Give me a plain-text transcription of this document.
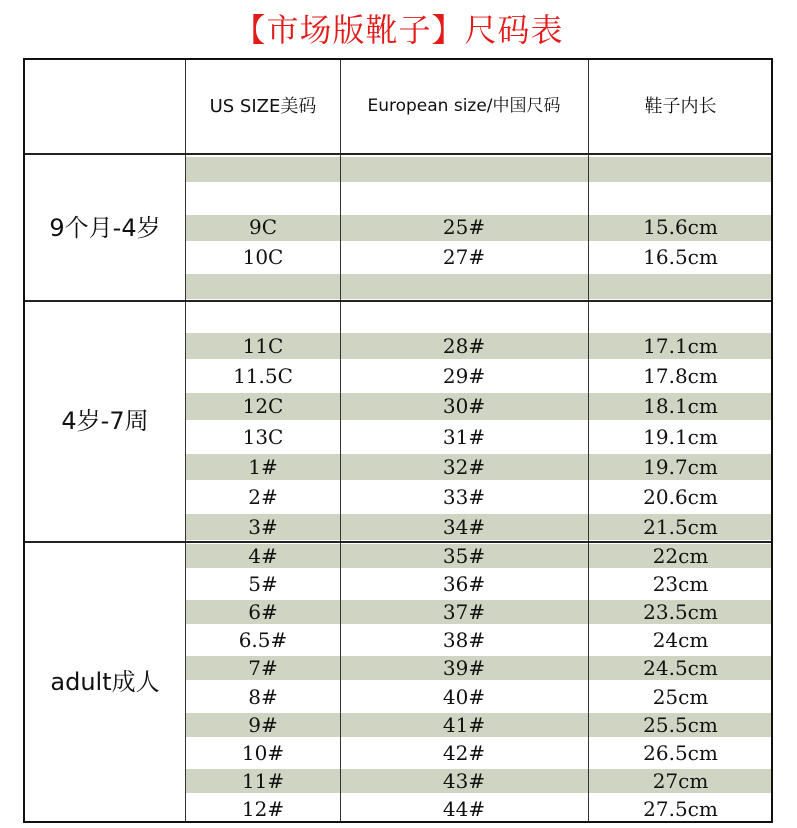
【市场版靴子】尺码表
US SIZE美码	European size/中国尺码	鞋子内长
9个月-4岁	9C	25#	15.6cm
10C	27#	16.5cm
4岁-7周
11C	28#	17.1cm
11.5C	29#	17.8cm
12C	30#	18.1cm
13C	31#	19.1cm
1#	32#	19.7cm
2#	33#	20.6cm
3#	34#	21.5cm
adult成人
4#	35#	22cm
5#	36#	23cm
6#	37#	23.5cm
6.5#	38#	24cm
7#	39#	24.5cm
8#	40#	25cm
9#	41#	25.5cm
10#	42#	26.5cm
11#	43#	27cm
12#	44#	27.5cm
